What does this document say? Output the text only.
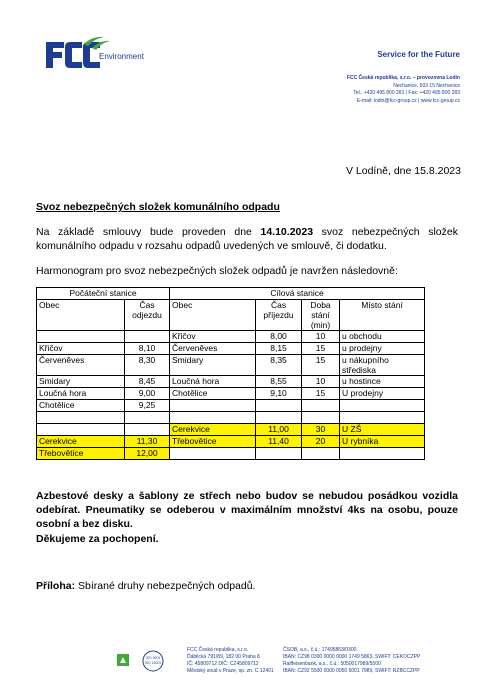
Environment	Service for the Future
FCC Česká republika, s.r.o. – provozovna Lodín
Nechanice, 503 15 Nechanice
Tel.: +420 495 800 281 | Fax: +420 495 800 283
E-mail: lodin@fcc-group.cz | www.fcc-group.cz
V Lodíně, dne 15.8.2023
Svoz nebezpečných složek komunálního odpadu
Na základě smlouvy bude proveden dne 14.10.2023 svoz nebezpečných složek komunálního odpadu v rozsahu odpadů uvedených ve smlouvě, či dodatku.
Harmonogram pro svoz nebezpečných složek odpadů je navržen následovně:
Počáteční stanice		Cílová stanice			
Obec	Čas odjezdu	Obec	Čas příjezdu	Doba stání (min)	Místo stání
		Křičov	8,00	10	u obchodu
Křičov	8,10	Červeněves	8,15	15	u prodejny
Červeněves	8,30	Smidary	8,35	15	u nákupního střediska
Smidary	8,45	Loučná hora	8,55	10	u hostince
Loučná hora	9,00	Chotělice	9,10	15	U prodejny
Chotělice	9,25				

		Cerekvice	11,00	30	U ZŠ
Cerekvice	11,30	Třebovětice	11,40	20	U rybníka
Třebovětice	12,00				
Azbestové desky a šablony ze střech nebo budov se nebudou posádkou vozidla odebírat. Pneumatiky se odeberou v maximálním množství 4ks na osobu, pouze osobní a bez disku.
Děkujeme za pochopení.
Příloha: Sbírané druhy nebezpečných odpadů.
ISO 9001
ISO 14001
FCC Česká republika, s.r.o.
Ďáblická 791/89, 182 00 Praha 8
IČ: 45809712 DIČ: CZ45809712
Městský soud v Praze, sp. zn. C 12401
ČSOB, a.s., č.ú.: 17495863/0300
IBAN: CZ98 0300 0000 0000 1749 5863, SWIFT: CEKOCZPP
Raiffeisenbank, a.s., č.ú.: 5050017989/5500
IBAN: CZ92 5500 0000 0050 5001 7989, SWIFT: RZBCCZPP
